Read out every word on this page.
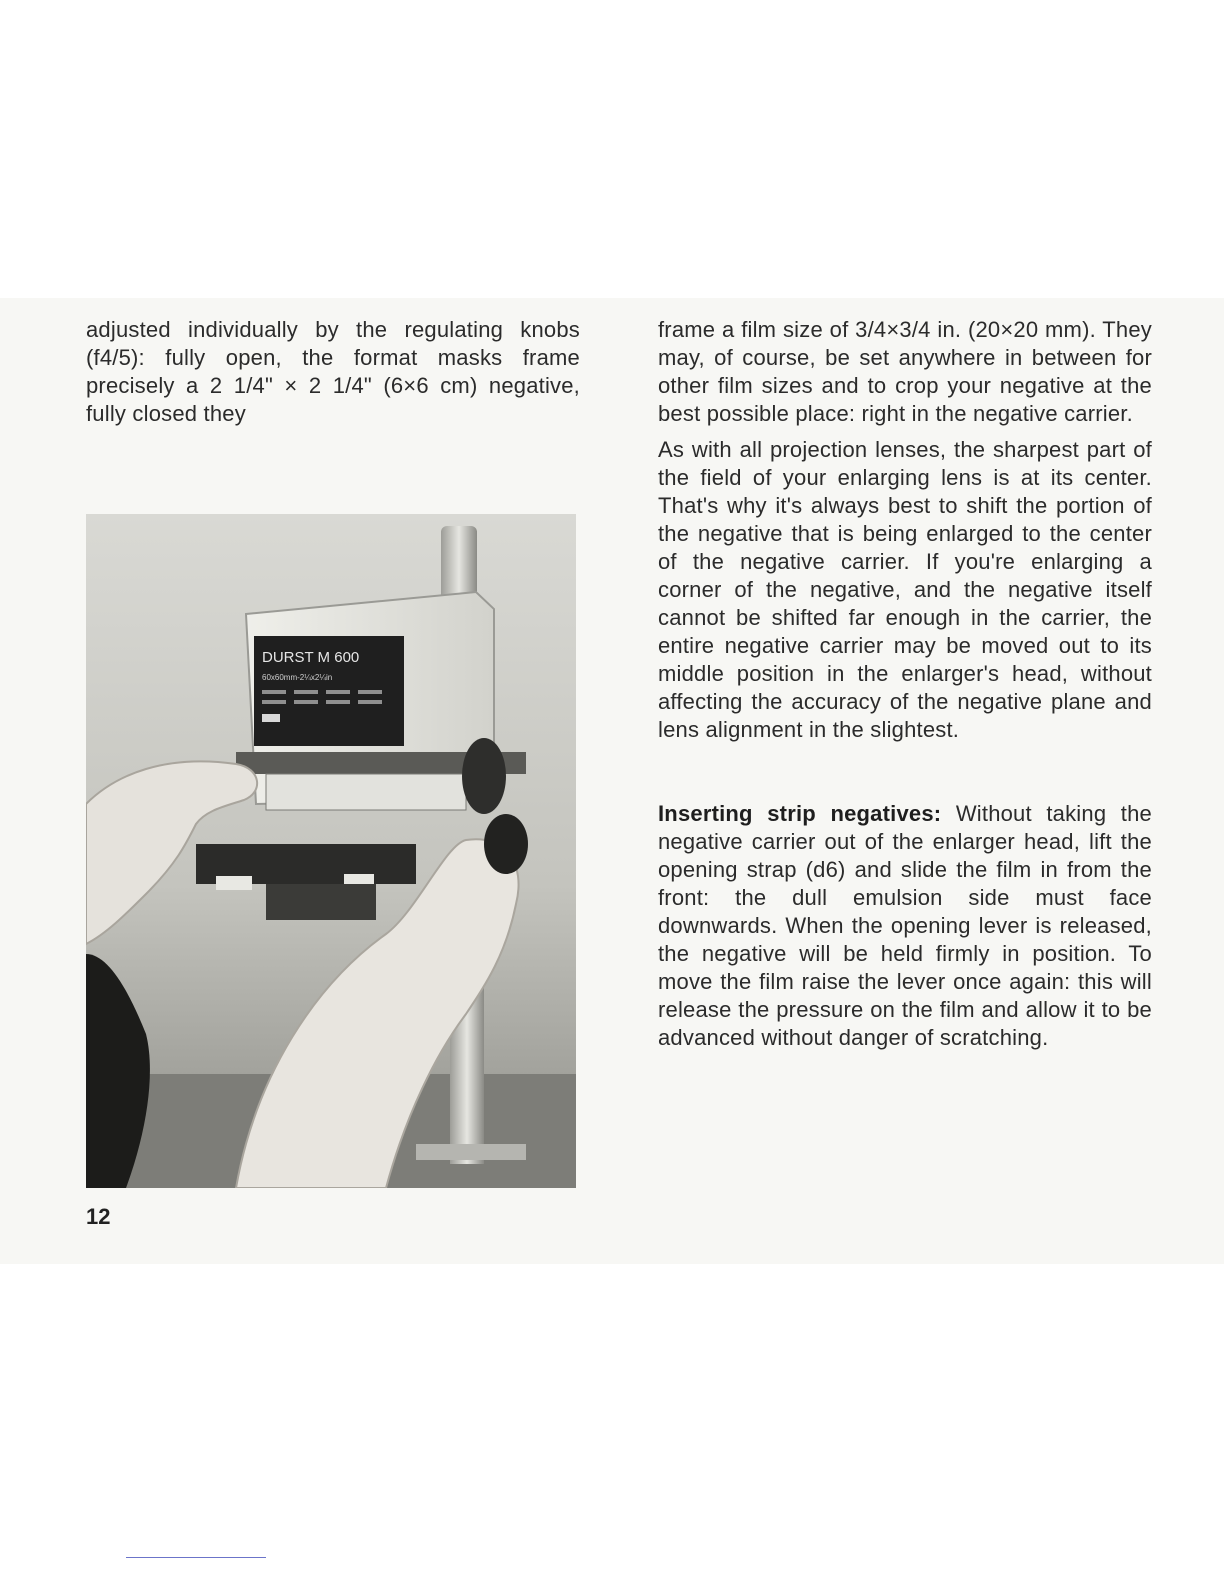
adjusted individually by the regulating knobs (f4/5): fully open, the format masks frame precisely a 2 1/4" × 2 1/4" (6×6 cm) negative, fully closed they

DURST M 600
60x60mm-2¼x2¼in

frame a film size of 3/4×3/4 in. (20×20 mm). They may, of course, be set anywhere in between for other film sizes and to crop your negative at the best possible place: right in the negative carrier.

As with all projection lenses, the sharpest part of the field of your enlarging lens is at its center. That's why it's always best to shift the portion of the negative that is being enlarged to the center of the negative carrier. If you're enlarging a corner of the negative, and the negative itself cannot be shifted far enough in the carrier, the entire negative carrier may be moved out to its middle position in the enlarger's head, without affecting the accuracy of the negative plane and lens alignment in the slightest.

Inserting strip negatives: Without taking the negative carrier out of the enlarger head, lift the opening strap (d6) and slide the film in from the front: the dull emulsion side must face downwards. When the opening lever is released, the negative will be held firmly in position. To move the film raise the lever once again: this will release the pressure on the film and allow it to be advanced without danger of scratching.

12
